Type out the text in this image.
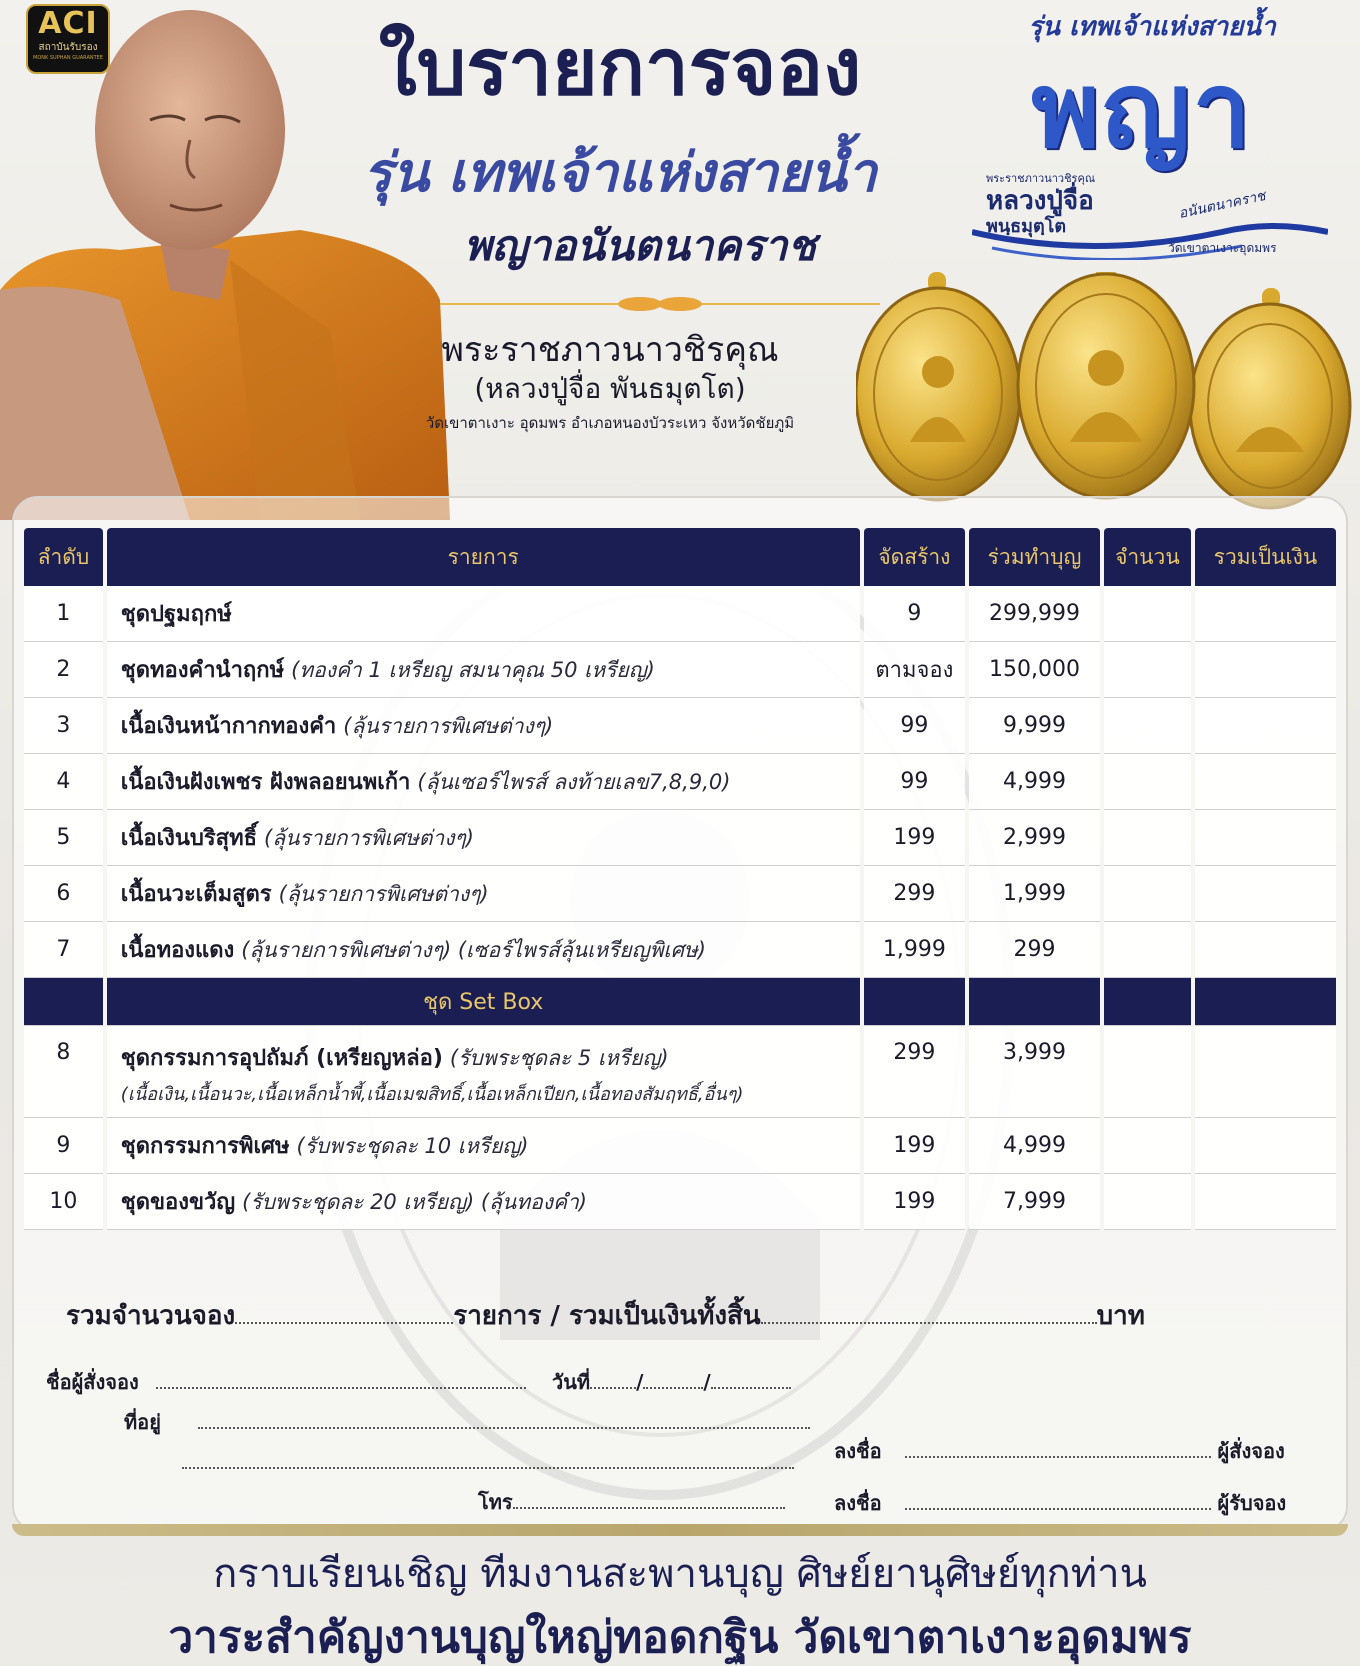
ACI
สถาบันรับรอง
MONK SUPHAN GUARANTEE	ใบรายการจอง
รุ่น เทพเจ้าแห่งสายน้ำ
พญาอนันตนาคราช
พระราชภาวนาวชิรคุณ
(หลวงปู่จื่อ พันธมุตโต)
วัดเขาตาเงาะ อุดมพร อำเภอหนองบัวระเหว จังหวัดชัยภูมิ
รุ่น เทพเจ้าแห่งสายน้ำ
พญา
พระราชภาวนาวชิรคุณ
หลวงปู่จื่อ
พนฺธมุตฺโต
อนันตนาคราช
วัดเขาตาเงาะอุดมพร
ลำดับ	รายการ	จัดสร้าง	ร่วมทำบุญ	จำนวน	รวมเป็นเงิน
1	ชุดปฐมฤกษ์	9	299,999		
2	ชุดทองคำนำฤกษ์ (ทองคำ 1 เหรียญ สมนาคุณ 50 เหรียญ)	ตามจอง	150,000		
3	เนื้อเงินหน้ากากทองคำ (ลุ้นรายการพิเศษต่างๆ)	99	9,999		
4	เนื้อเงินฝังเพชร ฝังพลอยนพเก้า (ลุ้นเซอร์ไพรส์ ลงท้ายเลข7,8,9,0)	99	4,999		
5	เนื้อเงินบริสุทธิ์ (ลุ้นรายการพิเศษต่างๆ)	199	2,999		
6	เนื้อนวะเต็มสูตร (ลุ้นรายการพิเศษต่างๆ)	299	1,999		
7	เนื้อทองแดง (ลุ้นรายการพิเศษต่างๆ) (เซอร์ไพรส์ลุ้นเหรียญพิเศษ)	1,999	299		
	ชุด Set Box				
8	ชุดกรรมการอุปถัมภ์ (เหรียญหล่อ) (รับพระชุดละ 5 เหรียญ)
(เนื้อเงิน,เนื้อนวะ,เนื้อเหล็กน้ำพี้,เนื้อเมฆสิทธิ์,เนื้อเหล็กเปียก,เนื้อทองสัมฤทธิ์,อื่นๆ)	299	3,999		
9	ชุดกรรมการพิเศษ (รับพระชุดละ 10 เหรียญ)	199	4,999		
10	ชุดของขวัญ (รับพระชุดละ 20 เหรียญ) (ลุ้นทองคำ)	199	7,999		
รวมจำนวนจอง	รายการ / รวมเป็นเงินทั้งสิ้น	บาท
ชื่อผู้สั่งจอง	วันที่ /	/
ที่อยู่
โทร
ลงชื่อ	ผู้สั่งจอง
ลงชื่อ	ผู้รับจอง
กราบเรียนเชิญ ทีมงานสะพานบุญ ศิษย์ยานุศิษย์ทุกท่าน
วาระสำคัญงานบุญใหญ่ทอดกฐิน วัดเขาตาเงาะอุดมพร
